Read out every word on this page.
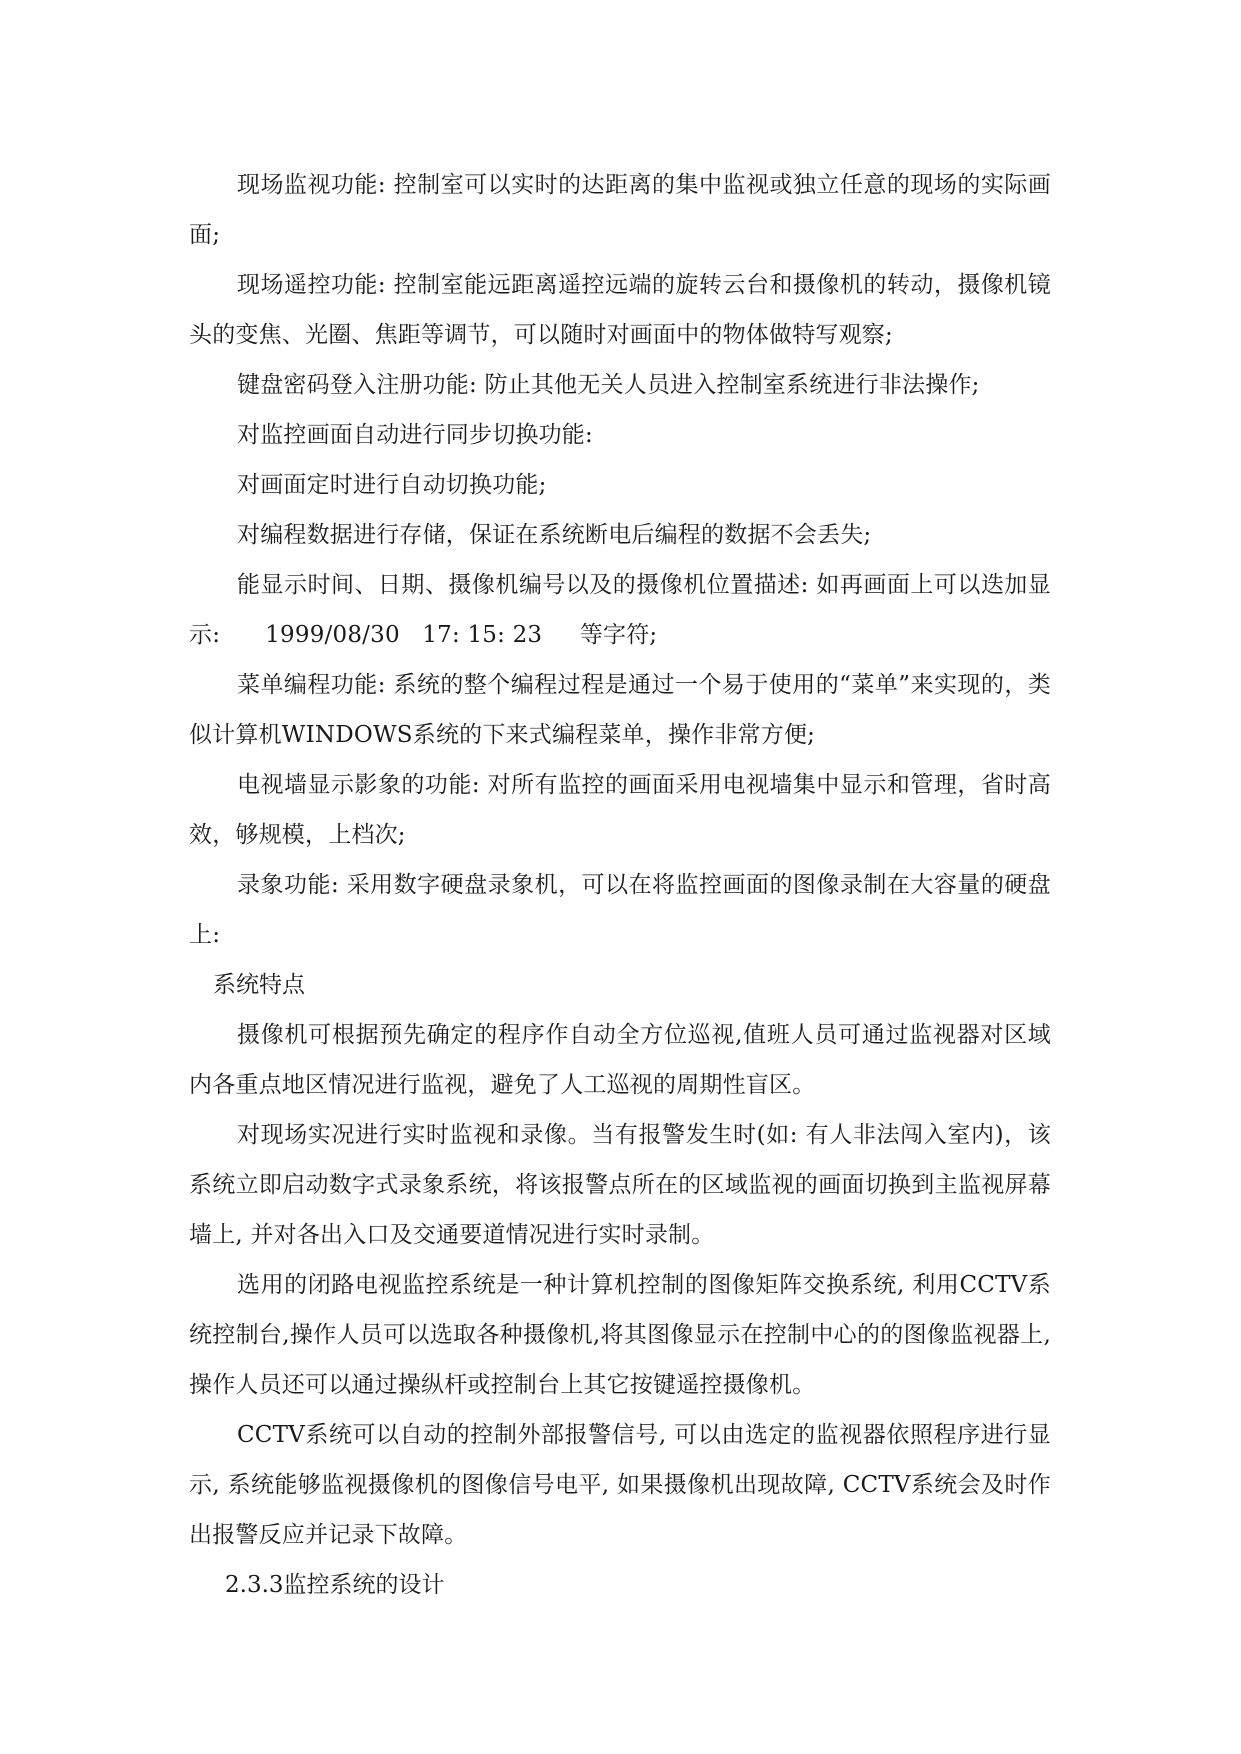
现场监视功能: 控制室可以实时的达距离的集中监视或独立任意的现场的实际画面;

现场遥控功能: 控制室能远距离遥控远端的旋转云台和摄像机的转动，摄像机镜头的变焦、光圈、焦距等调节，可以随时对画面中的物体做特写观察;

键盘密码登入注册功能: 防止其他无关人员进入控制室系统进行非法操作;

对监控画面自动进行同步切换功能:

对画面定时进行自动切换功能;

对编程数据进行存储，保证在系统断电后编程的数据不会丢失;

能显示时间、日期、摄像机编号以及的摄像机位置描述: 如再画面上可以迭加显示:      1999/08/30   17: 15: 23     等字符;

菜单编程功能: 系统的整个编程过程是通过一个易于使用的“菜单”来实现的，类似计算机WINDOWS系统的下来式编程菜单，操作非常方便;

电视墙显示影象的功能: 对所有监控的画面采用电视墙集中显示和管理，省时高效，够规模，上档次;

录象功能: 采用数字硬盘录象机，可以在将监控画面的图像录制在大容量的硬盘上:

系统特点

摄像机可根据预先确定的程序作自动全方位巡视,值班人员可通过监视器对区域内各重点地区情况进行监视，避免了人工巡视的周期性盲区。

对现场实况进行实时监视和录像。当有报警发生时(如: 有人非法闯入室内)，该系统立即启动数字式录象系统，将该报警点所在的区域监视的画面切换到主监视屏幕墙上, 并对各出入口及交通要道情况进行实时录制。

选用的闭路电视监控系统是一种计算机控制的图像矩阵交换系统, 利用CCTV系统控制台,操作人员可以选取各种摄像机,将其图像显示在控制中心的的图像监视器上, 操作人员还可以通过操纵杆或控制台上其它按键遥控摄像机。

CCTV系统可以自动的控制外部报警信号, 可以由选定的监视器依照程序进行显示, 系统能够监视摄像机的图像信号电平, 如果摄像机出现故障, CCTV系统会及时作出报警反应并记录下故障。

2.3.3监控系统的设计
